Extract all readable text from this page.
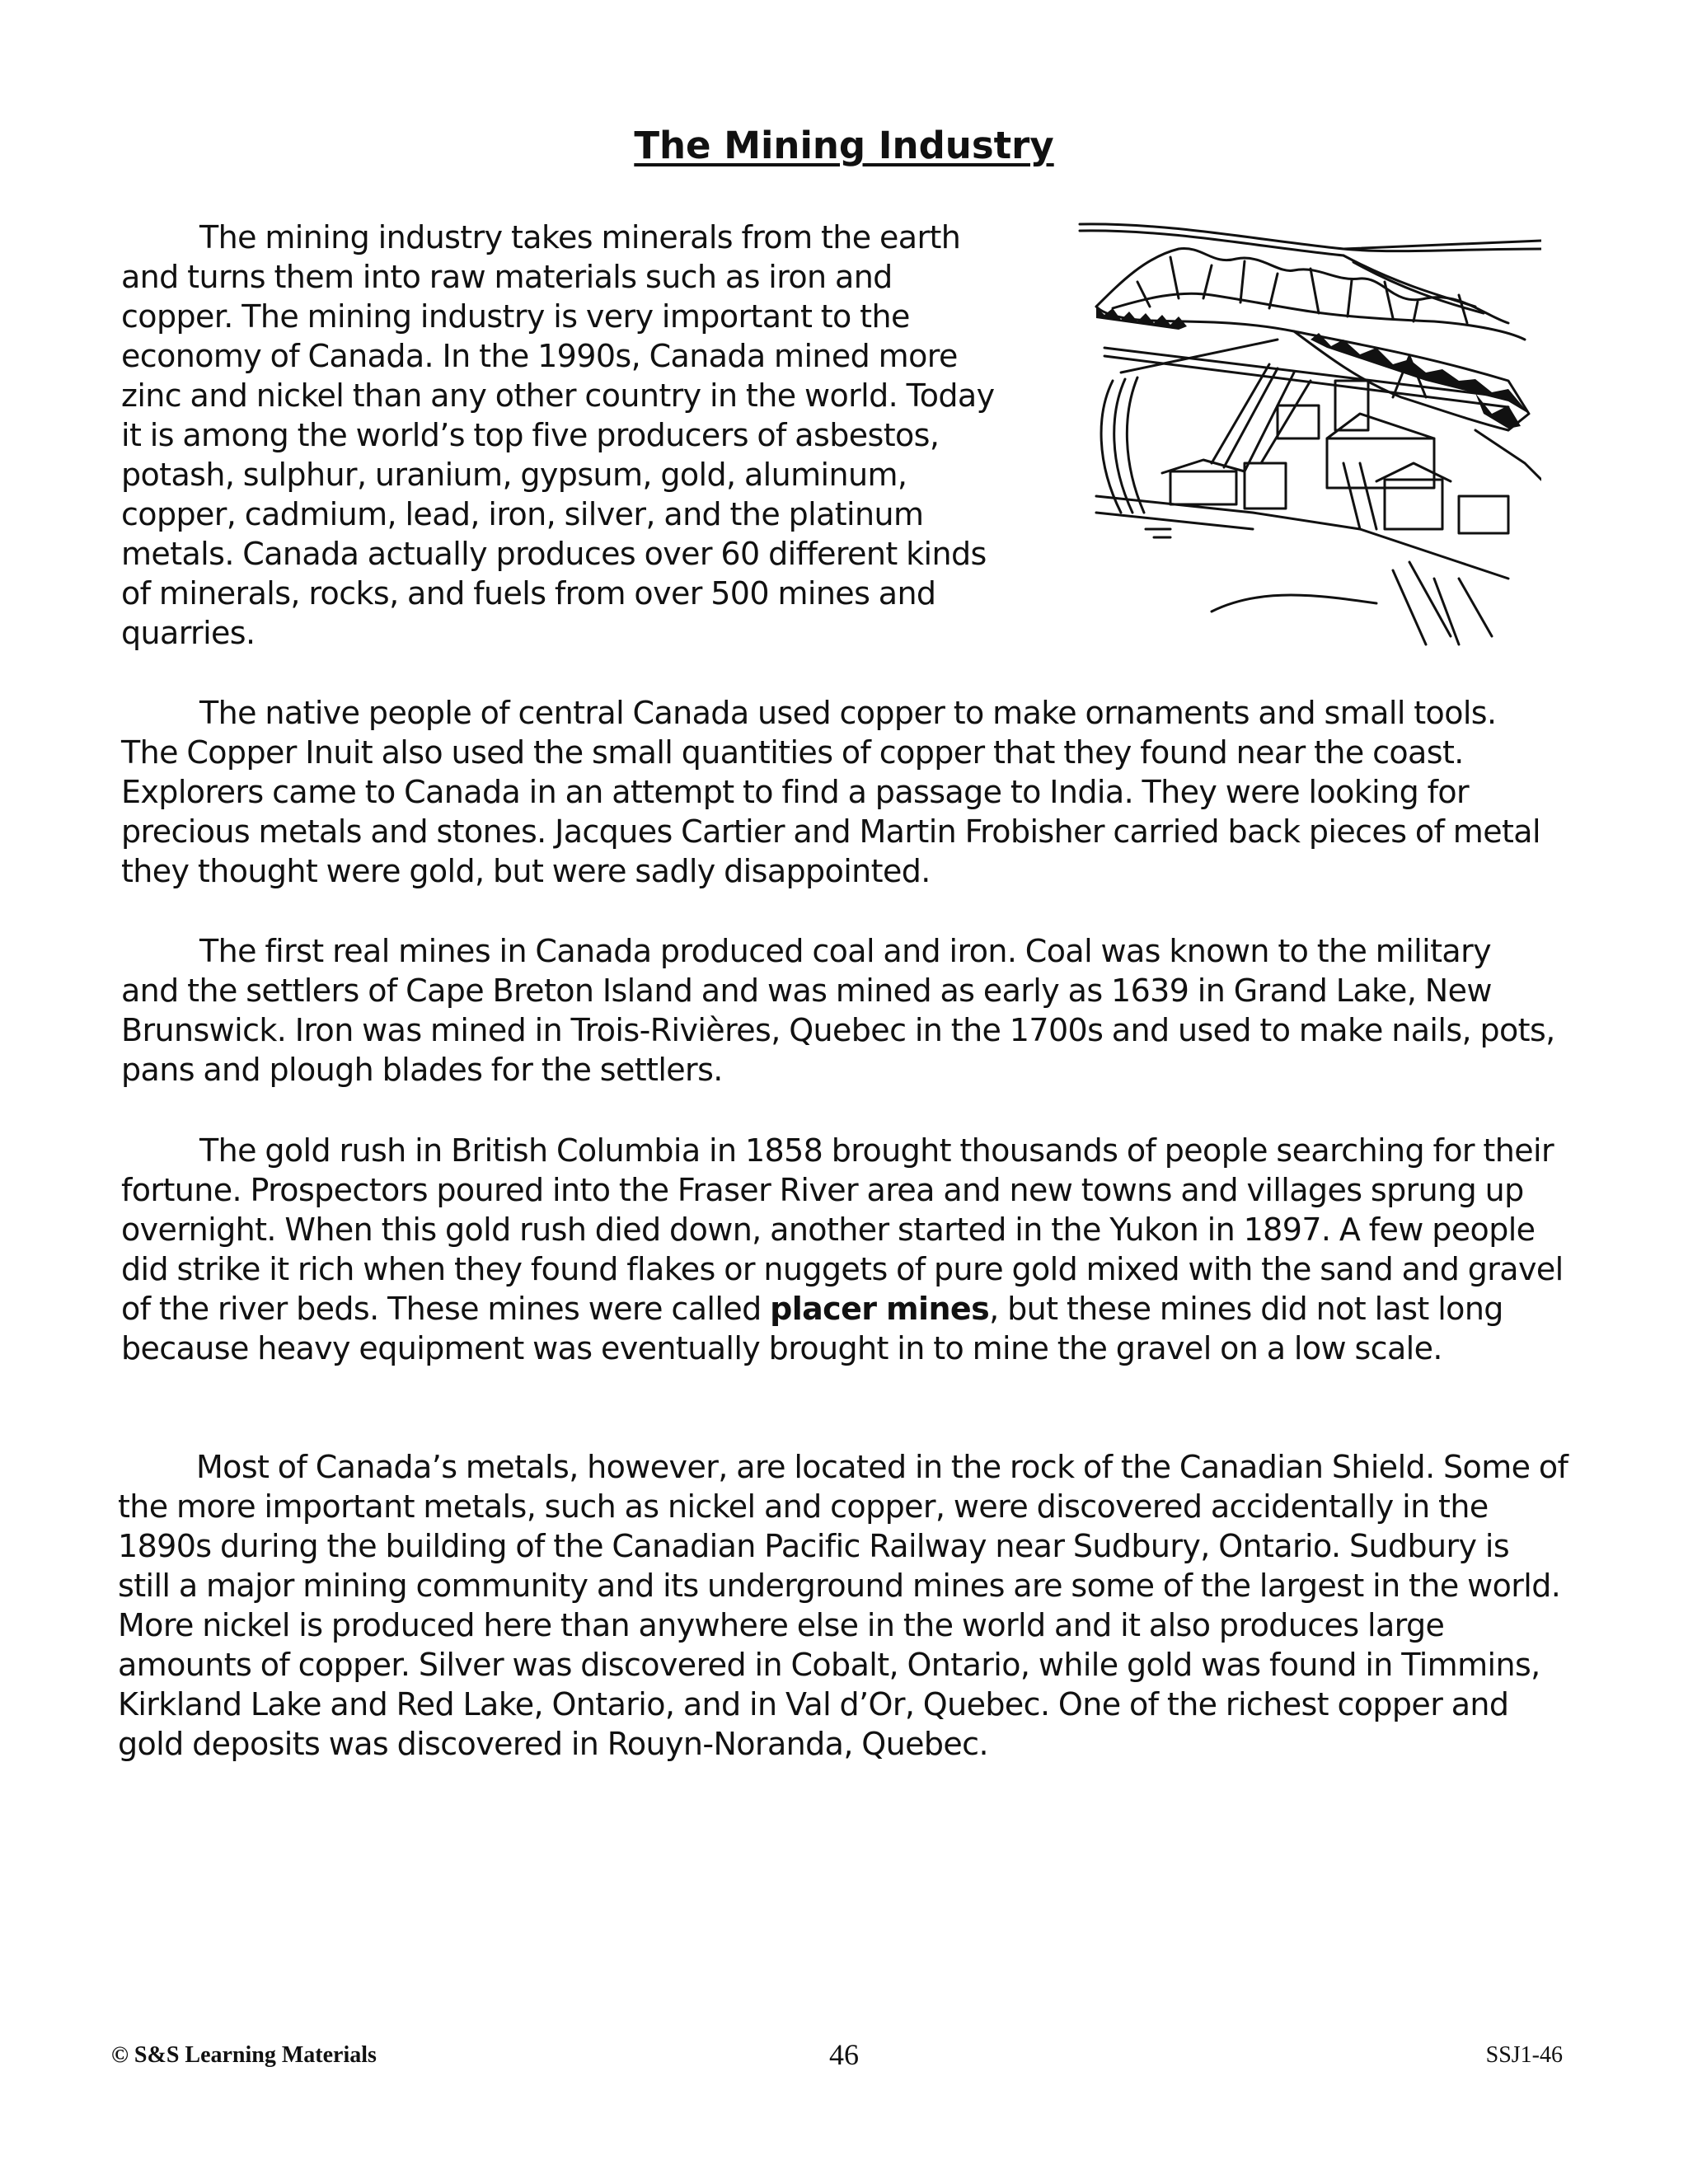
The Mining Industry

The mining industry takes minerals from the earth and turns them into raw materials such as iron and copper. The mining industry is very important to the economy of Canada. In the 1990s, Canada mined more zinc and nickel than any other country in the world. Today it is among the world’s top five producers of asbestos, potash, sulphur, uranium, gypsum, gold, aluminum, copper, cadmium, lead, iron, silver, and the platinum metals. Canada actually produces over 60 different kinds of minerals, rocks, and fuels from over 500 mines and quarries.

The native people of central Canada used copper to make ornaments and small tools. The Copper Inuit also used the small quantities of copper that they found near the coast. Explorers came to Canada in an attempt to find a passage to India. They were looking for precious metals and stones. Jacques Cartier and Martin Frobisher carried back pieces of metal they thought were gold, but were sadly disappointed.

The first real mines in Canada produced coal and iron. Coal was known to the military and the settlers of Cape Breton Island and was mined as early as 1639 in Grand Lake, New Brunswick. Iron was mined in Trois-Rivières, Quebec in the 1700s and used to make nails, pots, pans and plough blades for the settlers.

The gold rush in British Columbia in 1858 brought thousands of people searching for their fortune. Prospectors poured into the Fraser River area and new towns and villages sprung up overnight. When this gold rush died down, another started in the Yukon in 1897. A few people did strike it rich when they found flakes or nuggets of pure gold mixed with the sand and gravel of the river beds. These mines were called placer mines, but these mines did not last long because heavy equipment was eventually brought in to mine the gravel on a low scale.

Most of Canada’s metals, however, are located in the rock of the Canadian Shield. Some of the more important metals, such as nickel and copper, were discovered accidentally in the 1890s during the building of the Canadian Pacific Railway near Sudbury, Ontario. Sudbury is still a major mining community and its underground mines are some of the largest in the world. More nickel is produced here than anywhere else in the world and it also produces large amounts of copper. Silver was discovered in Cobalt, Ontario, while gold was found in Timmins, Kirkland Lake and Red Lake, Ontario, and in Val d’Or, Quebec. One of the richest copper and gold deposits was discovered in Rouyn-Noranda, Quebec.

© S&S Learning Materials	46	SSJ1-46
